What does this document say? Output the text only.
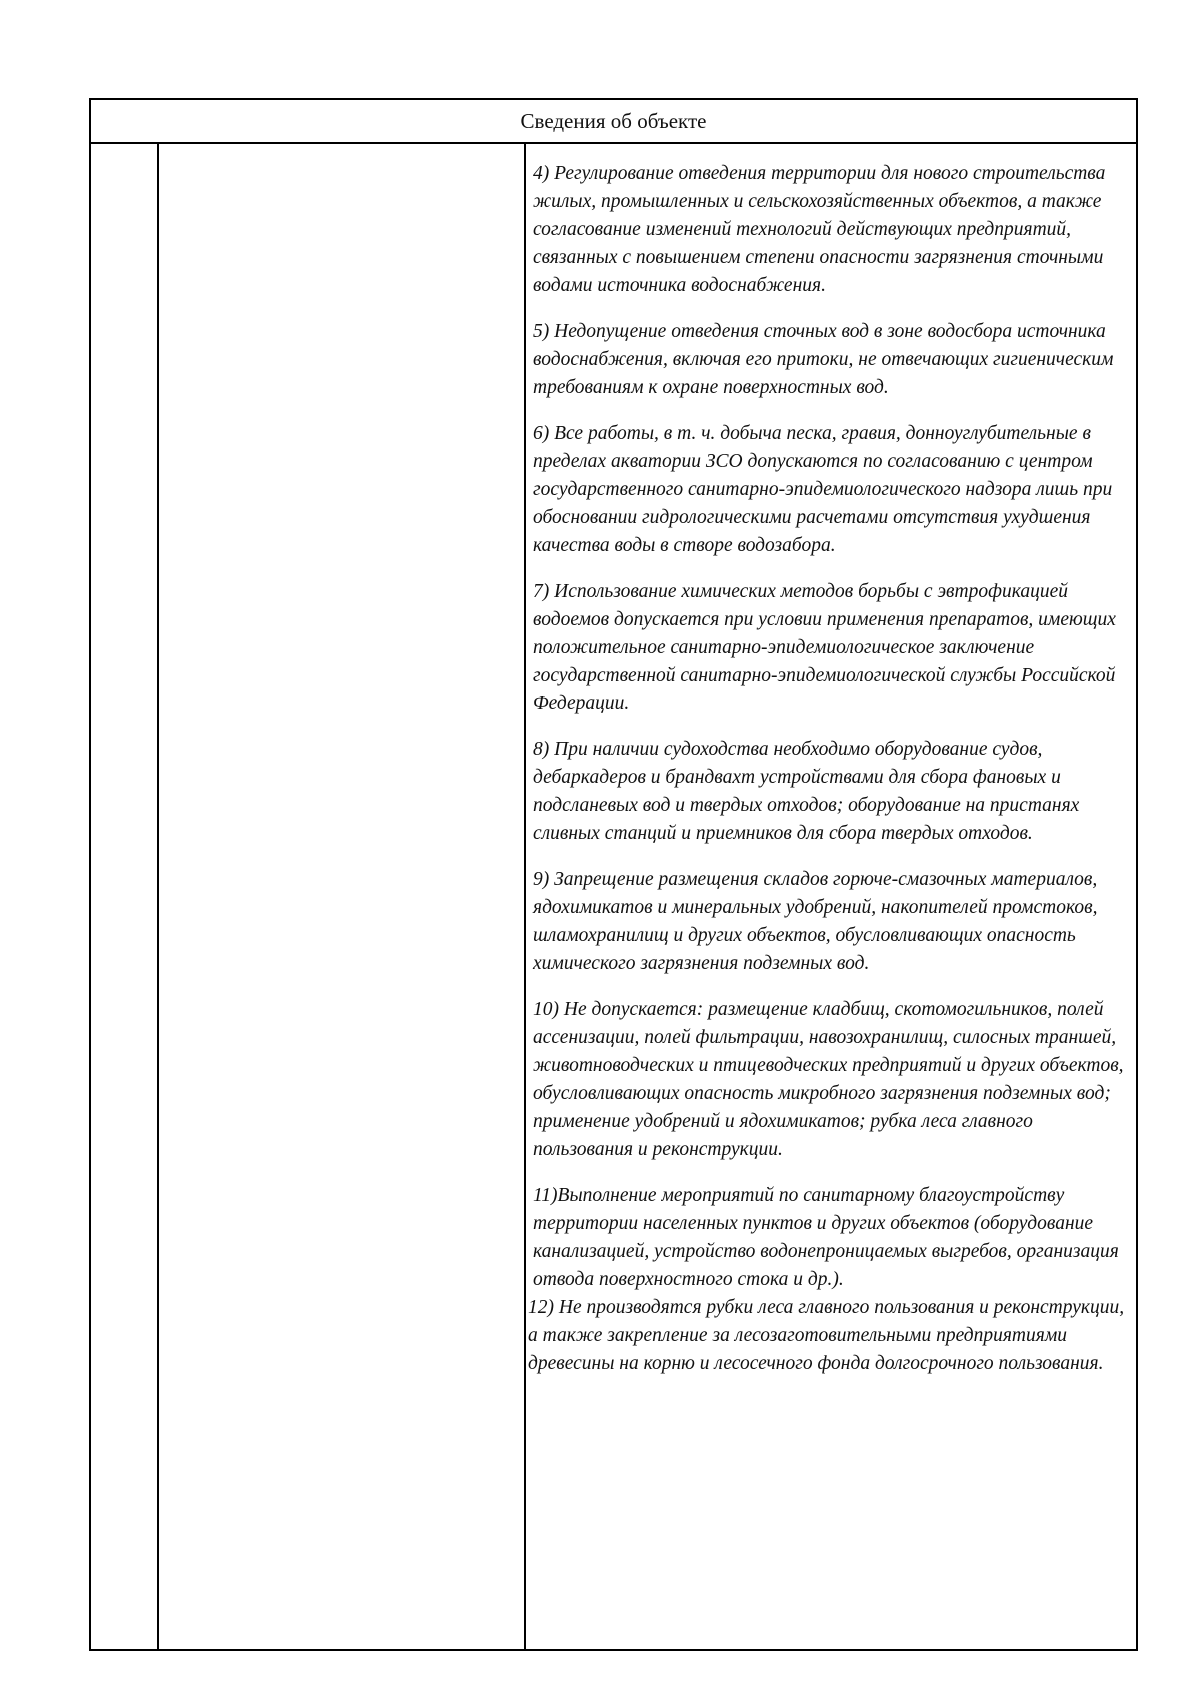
Сведения об объекте

4) Регулирование отведения территории для нового строительства жилых, промышленных и сельскохозяйственных объектов, а также согласование изменений технологий действующих предприятий, связанных с повышением степени опасности загрязнения сточными водами источника водоснабжения.

5) Недопущение отведения сточных вод в зоне водосбора источника водоснабжения, включая его притоки, не отвечающих гигиеническим требованиям к охране поверхностных вод.

6) Все работы, в т. ч. добыча песка, гравия, донноуглубительные в пределах акватории ЗСО допускаются по согласованию с центром государственного санитарно-эпидемиологического надзора лишь при обосновании гидрологическими расчетами отсутствия ухудшения качества воды в створе водозабора.

7) Использование химических методов борьбы с эвтрофикацией водоемов допускается при условии применения препаратов, имеющих положительное санитарно-эпидемиологическое заключение государственной санитарно-эпидемиологической службы Российской Федерации.

8) При наличии судоходства необходимо оборудование судов, дебаркадеров и брандвахт устройствами для сбора фановых и подсланевых вод и твердых отходов; оборудование на пристанях сливных станций и приемников для сбора твердых отходов.

9) Запрещение размещения складов горюче-смазочных материалов, ядохимикатов и минеральных удобрений, накопителей промстоков, шламохранилищ и других объектов, обусловливающих опасность химического загрязнения подземных вод.

10) Не допускается: размещение кладбищ, скотомогильников, полей ассенизации, полей фильтрации, навозохранилищ, силосных траншей, животноводческих и птицеводческих предприятий и других объектов, обусловливающих опасность микробного загрязнения подземных вод; применение удобрений и ядохимикатов; рубка леса главного пользования и реконструкции.

11)Выполнение мероприятий по санитарному благоустройству территории населенных пунктов и других объектов (оборудование канализацией, устройство водонепроницаемых выгребов, организация отвода поверхностного стока и др.).

12) Не производятся рубки леса главного пользования и реконструкции, а также закрепление за лесозаготовительными предприятиями древесины на корню и лесосечного фонда долгосрочного пользования.
